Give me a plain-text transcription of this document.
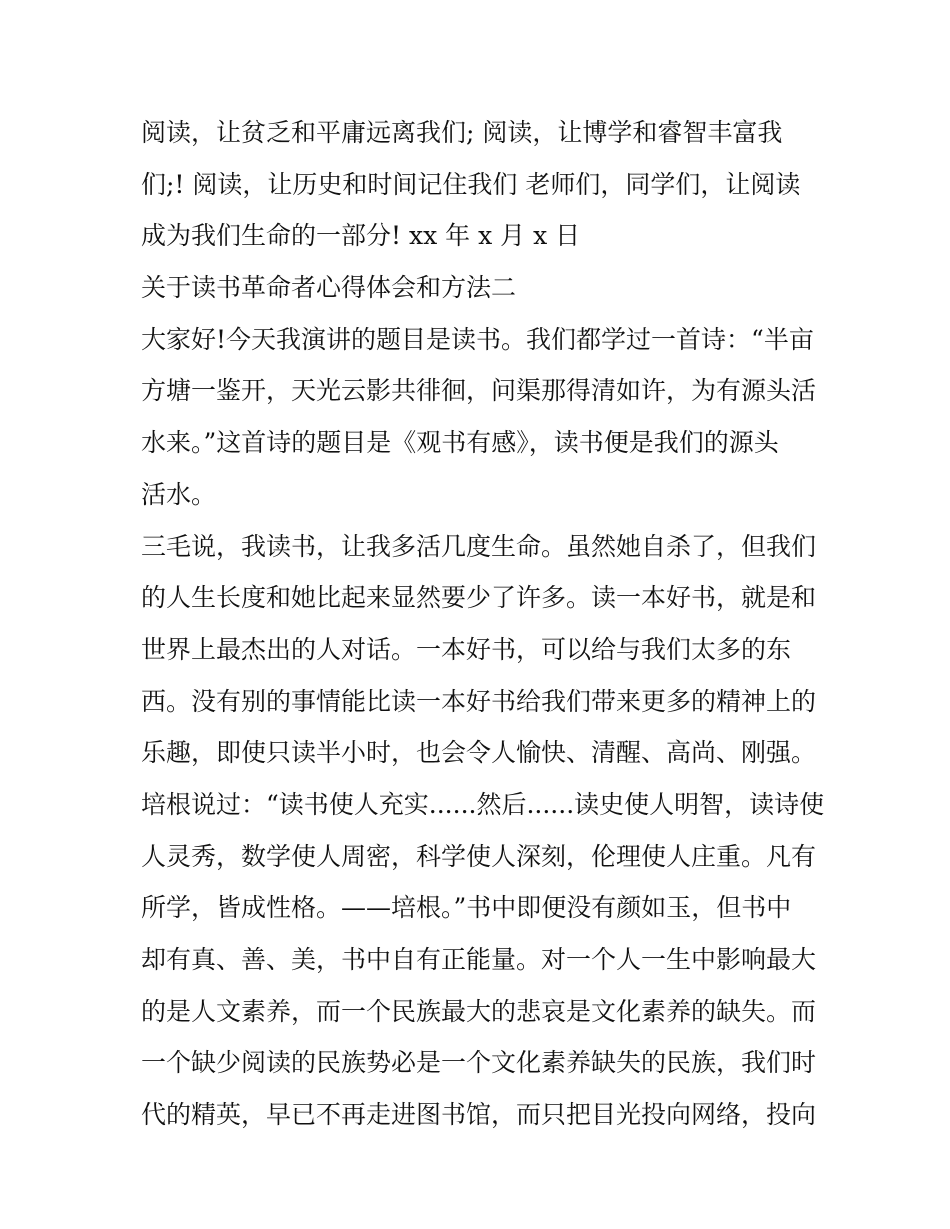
阅读，让贫乏和平庸远离我们; 阅读，让博学和睿智丰富我
们;! 阅读，让历史和时间记住我们 老师们，同学们，让阅读
成为我们生命的一部分! xx 年 x 月 x 日
关于读书革命者心得体会和方法二
大家好!今天我演讲的题目是读书。我们都学过一首诗：“半亩
方塘一鉴开，天光云影共徘徊，问渠那得清如许，为有源头活
水来。”这首诗的题目是《观书有感》，读书便是我们的源头
活水。
三毛说，我读书，让我多活几度生命。虽然她自杀了，但我们
的人生长度和她比起来显然要少了许多。读一本好书，就是和
世界上最杰出的人对话。一本好书，可以给与我们太多的东
西。没有别的事情能比读一本好书给我们带来更多的精神上的
乐趣，即使只读半小时，也会令人愉快、清醒、高尚、刚强。
培根说过：“读书使人充实......然后......读史使人明智，读诗使
人灵秀，数学使人周密，科学使人深刻，伦理使人庄重。凡有
所学，皆成性格。——培根。”书中即便没有颜如玉，但书中
却有真、善、美，书中自有正能量。对一个人一生中影响最大
的是人文素养，而一个民族最大的悲哀是文化素养的缺失。而
一个缺少阅读的民族势必是一个文化素养缺失的民族，我们时
代的精英，早已不再走进图书馆，而只把目光投向网络，投向
